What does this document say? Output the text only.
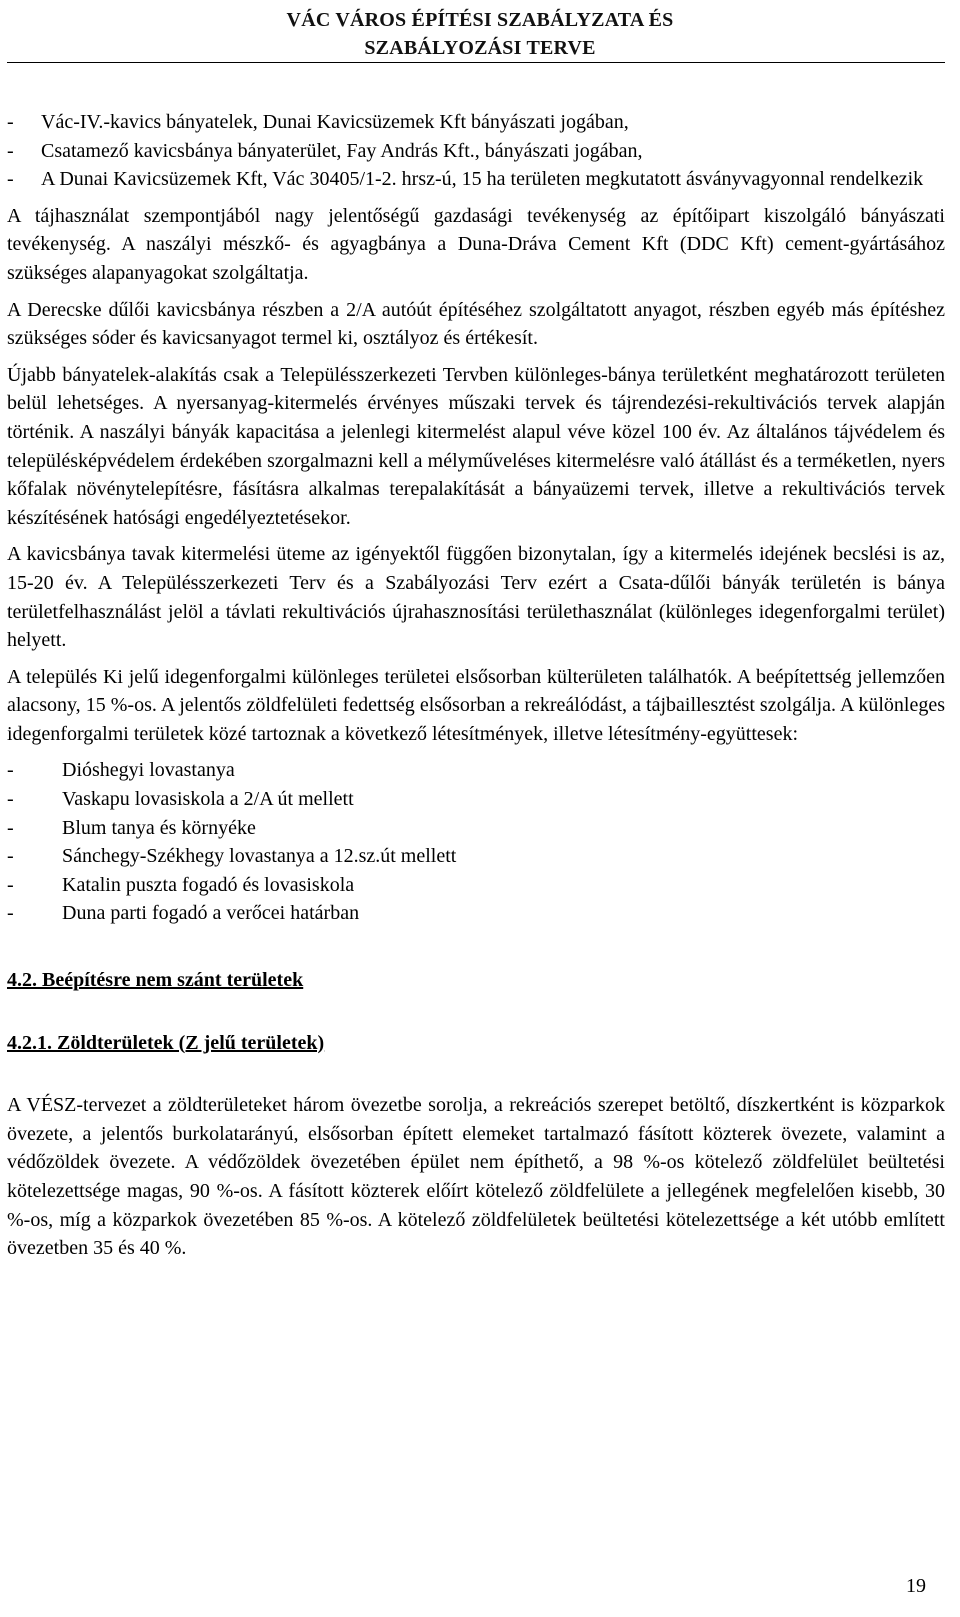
VÁC VÁROS ÉPÍTÉSI SZABÁLYZATA ÉS
SZABÁLYOZÁSI TERVE
- Vác-IV.-kavics bányatelek, Dunai Kavicsüzemek Kft bányászati jogában,
- Csatamező kavicsbánya bányaterület, Fay András Kft., bányászati jogában,
- A Dunai Kavicsüzemek Kft, Vác 30405/1-2. hrsz-ú, 15 ha területen megkutatott ásványvagyonnal rendelkezik

A tájhasználat szempontjából nagy jelentőségű gazdasági tevékenység az építőipart kiszolgáló bányászati tevékenység. A naszályi mészkő- és agyagbánya a Duna-Dráva Cement Kft (DDC Kft) cement-gyártásához szükséges alapanyagokat szolgáltatja.

A Derecske dűlői kavicsbánya részben a 2/A autóút építéséhez szolgáltatott anyagot, részben egyéb más építéshez szükséges sóder és kavicsanyagot termel ki, osztályoz és értékesít.

Újabb bányatelek-alakítás csak a Településszerkezeti Tervben különleges-bánya területként meghatározott területen belül lehetséges. A nyersanyag-kitermelés érvényes műszaki tervek és tájrendezési-rekultivációs tervek alapján történik. A naszályi bányák kapacitása a jelenlegi kitermelést alapul véve közel 100 év. Az általános tájvédelem és településképvédelem érdekében szorgalmazni kell a mélyműveléses kitermelésre való átállást és a terméketlen, nyers kőfalak növénytelepítésre, fásításra alkalmas terepalakítását a bányaüzemi tervek, illetve a rekultivációs tervek készítésének hatósági engedélyeztetésekor.

A kavicsbánya tavak kitermelési üteme az igényektől függően bizonytalan, így a kitermelés idejének becslési is az, 15-20 év. A Településszerkezeti Terv és a Szabályozási Terv ezért a Csata-dűlői bányák területén is bánya területfelhasználást jelöl a távlati rekultivációs újrahasznosítási területhasználat (különleges idegenforgalmi terület) helyett.

A település Ki jelű idegenforgalmi különleges területei elsősorban külterületen találhatók. A beépítettség jellemzően alacsony, 15 %-os. A jelentős zöldfelületi fedettség elsősorban a rekreálódást, a tájbaillesztést szolgálja. A különleges idegenforgalmi területek közé tartoznak a következő létesítmények, illetve létesítmény-együttesek:

- Dióshegyi lovastanya
- Vaskapu lovasiskola a 2/A út mellett
- Blum tanya és környéke
- Sánchegy-Székhegy lovastanya a 12.sz.út mellett
- Katalin puszta fogadó és lovasiskola
- Duna parti fogadó a verőcei határban
4.2. Beépítésre nem szánt területek
4.2.1. Zöldterületek (Z jelű területek)

A VÉSZ-tervezet a zöldterületeket három övezetbe sorolja, a rekreációs szerepet betöltő, díszkertként is közparkok övezete, a jelentős burkolatarányú, elsősorban épített elemeket tartalmazó fásított közterek övezete, valamint a védőzöldek övezete. A védőzöldek övezetében épület nem építhető, a 98 %-os kötelező zöldfelület beültetési kötelezettsége magas, 90 %-os. A fásított közterek előírt kötelező zöldfelülete a jellegének megfelelően kisebb, 30 %-os, míg a közparkok övezetében 85 %-os. A kötelező zöldfelületek beültetési kötelezettsége a két utóbb említett övezetben 35 és 40 %.

19
